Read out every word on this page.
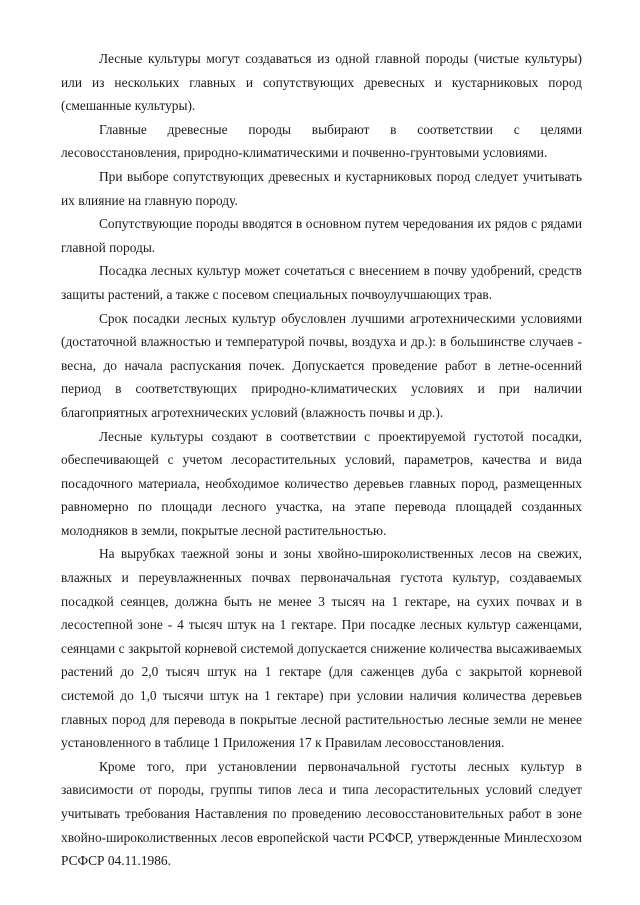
Лесные культуры могут создаваться из одной главной породы (чистые культуры) или из нескольких главных и сопутствующих древесных и кустарниковых пород (смешанные культуры).

Главные древесные породы выбирают в соответствии с целями лесовосстановления, природно-климатическими и почвенно-грунтовыми условиями.

При выборе сопутствующих древесных и кустарниковых пород следует учитывать их влияние на главную породу.

Сопутствующие породы вводятся в основном путем чередования их рядов с рядами главной породы.

Посадка лесных культур может сочетаться с внесением в почву удобрений, средств защиты растений, а также с посевом специальных почвоулучшающих трав.

Срок посадки лесных культур обусловлен лучшими агротехническими условиями (достаточной влажностью и температурой почвы, воздуха и др.): в большинстве случаев - весна, до начала распускания почек. Допускается проведение работ в летне-осенний период в соответствующих природно-климатических условиях и при наличии благоприятных агротехнических условий (влажность почвы и др.).

Лесные культуры создают в соответствии с проектируемой густотой посадки, обеспечивающей с учетом лесорастительных условий, параметров, качества и вида посадочного материала, необходимое количество деревьев главных пород, размещенных равномерно по площади лесного участка, на этапе перевода площадей созданных молодняков в земли, покрытые лесной растительностью.

На вырубках таежной зоны и зоны хвойно-широколиственных лесов на свежих, влажных и переувлажненных почвах первоначальная густота культур, создаваемых посадкой сеянцев, должна быть не менее 3 тысяч на 1 гектаре, на сухих почвах и в лесостепной зоне - 4 тысяч штук на 1 гектаре. При посадке лесных культур саженцами, сеянцами с закрытой корневой системой допускается снижение количества высаживаемых растений до 2,0 тысяч штук на 1 гектаре (для саженцев дуба с закрытой корневой системой до 1,0 тысячи штук на 1 гектаре) при условии наличия количества деревьев главных пород для перевода в покрытые лесной растительностью лесные земли не менее установленного в таблице 1 Приложения 17 к Правилам лесовосстановления.

Кроме того, при установлении первоначальной густоты лесных культур в зависимости от породы, группы типов леса и типа лесорастительных условий следует учитывать требования Наставления по проведению лесовосстановительных работ в зоне хвойно-широколиственных лесов европейской части РСФСР, утвержденные Минлесхозом РСФСР 04.11.1986.
